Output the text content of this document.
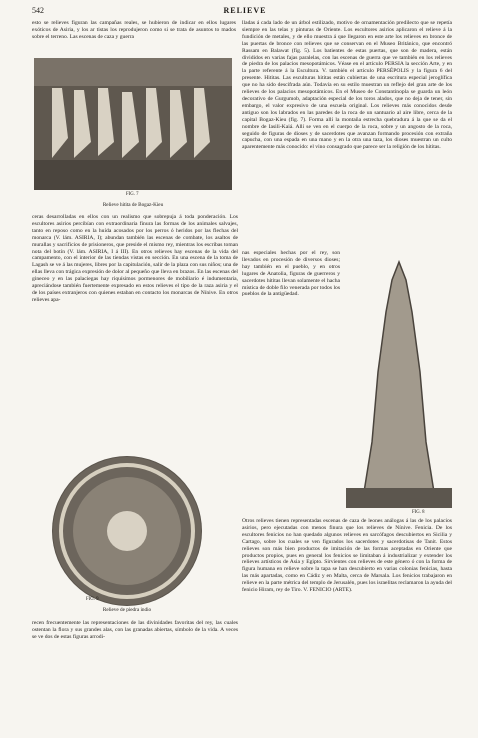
542	RELIEVE

esto se relieves figuran las campañas reales, se hubieron de indicar en ellos lugares exóticos de Asiria, y los ar tistas los reprodujeron como si se trata de asuntos to mados sobre el terreno. Las escenas de caza y guerra

lladas á cada lado de un árbol estilizado, motivo de ornamentación predilecto que se repetía siempre en las telas y pinturas de Oriente. Los escultores asirios aplicaron el relieve á la fundición de metales, y de ello muestra á que llegaron en este arte los relieves en bronce de las puertas de bronce con relieves que se conservan en el Museo Británico, que encontró Rassam en Balawat (fig. 5). Los batientes de estas puertas, que son de madera, están divididos en varias fajas paralelas, con las escenas de guerra que ve también en los relieves de piedra de los palacios mesopotámicos. Véase en el artículo PERSIA la sección Arte, y en la parte referente á la Escultura. V. también el artículo PERSÉPOLIS y la figura 6 del presente. Hititas. Las esculturas hititas están cubiertas de una escritura especial jeroglífica que no ha sido descifrada aún. Todavía en su estilo muestran un reflejo del gran arte de los relieves de los palacios mesopotámicos. En el Museo de Constantinopla se guarda un león decorativo de Gurgumob, adaptación especial de los toros alados, que no deja de tener, sin embargo, el valor expresivo de una escuela original. Los relieves más conocidos desde antiguo son los labrados en las paredes de la roca de un santuario al aire libre, cerca de la capital Bogaz-Kieu (fig. 7). Forma allí la montaña estrecha quebradura á la que se da el nombre de Iasili-Kaiá. Allí se ven en el cuerpo de la roca, sobre y un angosto de la roca, seguido de figuras de dioses y de sacerdotes que avanzan formando procesión con extraña capucha, con una espada en una mano y en la otra una taza, los dioses muestran un culto aparentemente más conocido: el vino consagrado que parece ser la religión de los hititas.

FIG. 7
Relieve hitita de Bogaz-Kieu

ceras desarrolladas en ellos con un realismo que sobrepuja á toda ponderación. Los escultores asirios percibían con extraordinaria finura las formas de los animales salvajes, tanto en reposo como en la huída acosados por los perros ó heridos por las flechas del monarca (V. lám. ASIRIA, I); abundan también las escenas de combate, los asaltos de murallas y sacrificios de prisioneros, que preside el mismo rey, mientras los escribas toman nota del botín (V. lám. ASIRIA, I á III). En otros relieves hay escenas de la vida del campamento, con el interior de las tiendas vistas en sección. En una escena de la toma de Lagash se ve á las mujeres, libres por la capitulación, salir de la plaza con sus niños; una de ellas lleva con trágica expresión de dolor al pequeño que lleva en brazos. En las escenas del gineceo y en las palaciegas hay riquísimos pormenores de mobiliario é indumentaria, apreciándose también fuertemente expresado en estos relieves el tipo de la raza asiria y el de los países extranjeros con quienes estaban en contacto los monarcas de Nínive. En otros relieves apa-

FIG. 9
Relieve de piedra indio

recen frecuentemente las representaciones de las divinidades favoritas del rey, las cuales ostentan la flora y sus grandes alas, con las granadas abiertas, símbolo de la vida. A veces se ve dos de estas figuras arrodi-

nas especiales hechas por el rey, son llevados en procesión de diversos dioses; hay también en el pueblo, y en otros lugares de Anatolia, figuras de guerreros y sacerdotes hititas llevan solamente el hacha mística de doble filo venerada por todos los pueblos de la antigüedad.

FIG. 8

Otros relieves tienen representadas escenas de caza de leones análogas á las de los palacios asirios, pero ejecutadas con menos finura que los relieves de Nínive. Fenicia. De los escultores fenicios no han quedado algunos relieves en sarcófagos descubiertos en Sicilia y Cartago, sobre los cuales se ven figurados los sacerdotes y sacerdotisas de Tanit. Estos relieves son más bien productos de imitación de las formas aceptadas en Oriente que productos propios, pues en general los fenicios se limitaban á industrializar y extender los relieves artísticos de Asia y Egipto. Sirvientes con relieves de este género ó con la forma de figura humana en relieve sobre la tapa se han descubierto en varias colonias fenicias, hasta las más apartadas, como en Cádiz y en Malta, cerca de Marsala. Los fenicios trabajaron en relieve en la parte métrica del templo de Jerusalén, pues los israelitas reclamaron la ayuda del fenicio Hiram, rey de Tiro. V. FENICIO (ARTE).
